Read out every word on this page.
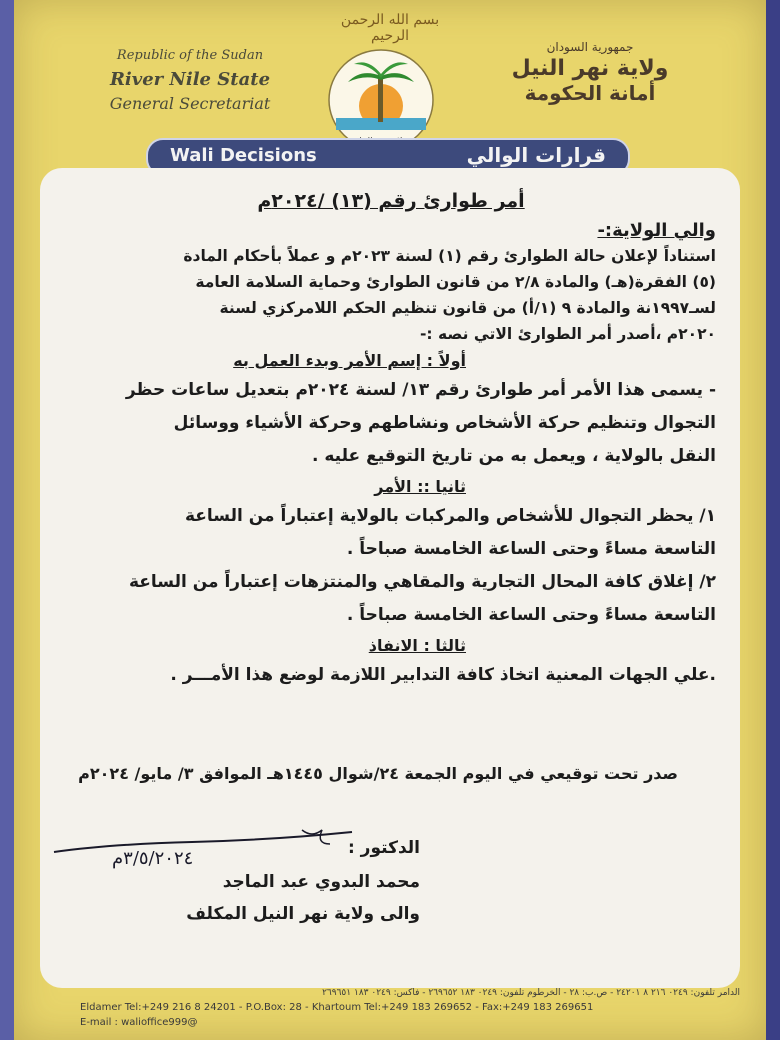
بسم الله الرحمن الرحيم
Republic of the Sudan
River Nile State
General Secretariat
جمهورية السودان
ولاية نهر النيل
أمانة الحكومة
Wali Decisions	قرارات الوالي
أمر طوارئ رقم (١٣) /٢٠٢٤م
والي الولاية:-
استناداً لإعلان حالة الطوارئ رقم (١) لسنة ٢٠٢٣م و عملاً بأحكام المادة
(٥) الفقرة(هـ) والمادة ٢/٨ من قانون الطوارئ وحماية السلامة العامة
لسـ١٩٩٧نة والمادة ٩ (١/أ) من قانون تنظيم الحكم اللامركزي لسنة
٢٠٢٠م ،أصدر أمر الطوارئ الاتي نصه :-
أولاً : إسم الأمر وبدء العمل به
- يسمى هذا الأمر أمر طوارئ رقم ١٣/ لسنة ٢٠٢٤م بتعديل ساعات حظر
التجوال وتنظيم حركة الأشخاص ونشاطهم وحركة الأشياء ووسائل
النقل بالولاية ، ويعمل به من تاريخ التوقيع عليه .
ثانيا :: الأمر
١/ يحظر التجوال للأشخاص والمركبات بالولاية إعتباراً من الساعة
التاسعة مساءً وحتى الساعة الخامسة صباحاً .
٢/ إغلاق كافة المحال التجارية والمقاهي والمنتزهات إعتباراً من الساعة
التاسعة مساءً وحتى الساعة الخامسة صباحاً .
ثالثا : الانفاذ
.علي الجهات المعنية اتخاذ كافة التدابير اللازمة لوضع هذا الأمـــر .
صدر تحت توقيعي في اليوم الجمعة ٢٤/شوال ١٤٤٥هـ الموافق ٣/ مايو/ ٢٠٢٤م
٣/٥/٢٠٢٤م	الدكتور :
محمد البدوي عبد الماجد
والى ولاية نهر النيل المكلف
الدامر تلفون: ٠٢٤٩ ٢١٦ ٨ ٢٤٢٠١ - ص.ب: ٢٨ - الخرطوم تلفون: ٠٢٤٩ ١٨٣ ٢٦٩٦٥٢ - فاكس: ٠٢٤٩ ١٨٣ ٢٦٩٦٥١
Eldamer Tel:+249 216 8 24201 - P.O.Box: 28 - Khartoum Tel:+249 183 269652 - Fax:+249 183 269651
E-mail : walioffice999@
